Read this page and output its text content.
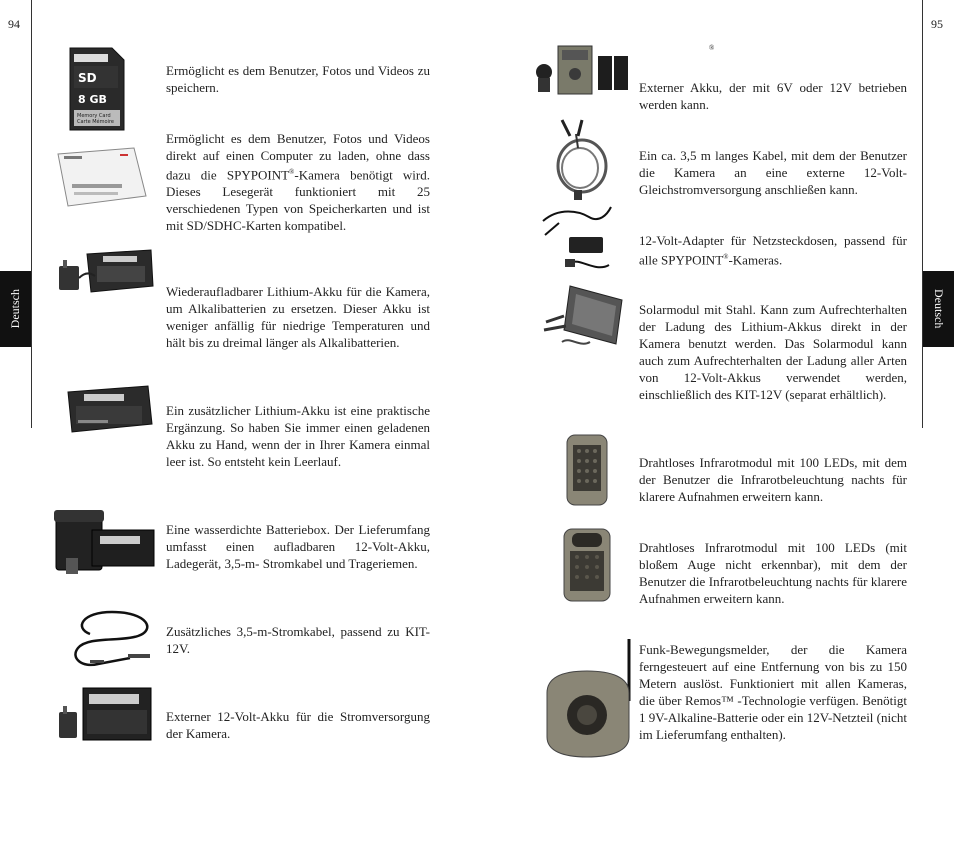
94	95
Deutsch	Deutsch
®
SD
8 GB
Memory Card
Carte Mémoire
Ermöglicht es dem Benutzer, Fotos und Videos zu speichern.
Ermöglicht es dem Benutzer, Fotos und Videos direkt auf einen Computer zu laden, ohne dass dazu die SPYPOINT®-Kamera benötigt wird. Dieses Lesegerät funktioniert mit 25 verschiedenen Typen von Speicherkarten und ist mit SD/SDHC-Karten kompatibel.
Wiederaufladbarer Lithium-Akku für die Kamera, um Alkalibatterien zu ersetzen. Dieser Akku ist weniger anfällig für niedrige Temperaturen und hält bis zu dreimal länger als Alkalibatterien.
Ein zusätzlicher Lithium-Akku ist eine praktische Ergänzung. So haben Sie immer einen geladenen Akku zu Hand, wenn der in Ihrer Kamera einmal leer ist. So entsteht kein Leerlauf.
Eine wasserdichte Batteriebox. Der Lieferumfang umfasst einen aufladbaren 12-Volt-Akku, Ladegerät, 3,5-m- Stromkabel und Trageriemen.
Zusätzliches 3,5-m-Stromkabel, passend zu KIT-12V.
Externer 12-Volt-Akku für die Stromversorgung der Kamera.
Externer Akku, der mit 6V oder 12V betrieben werden kann.
Ein ca. 3,5 m langes Kabel, mit dem der Benutzer die Kamera an eine externe 12-Volt-Gleichstromversorgung anschließen kann.
12-Volt-Adapter für Netzsteckdosen, passend für alle SPYPOINT®-Kameras.
Solarmodul mit Stahl. Kann zum Aufrechterhalten der Ladung des Lithium-Akkus direkt in der Kamera benutzt werden. Das Solarmodul kann auch zum Aufrechterhalten der Ladung aller Arten von 12-Volt-Akkus verwendet werden, einschließlich des KIT-12V (separat erhältlich).
Drahtloses Infrarotmodul mit 100 LEDs, mit dem der Benutzer die Infrarotbeleuchtung nachts für klarere Aufnahmen erweitern kann.
Drahtloses Infrarotmodul mit 100 LEDs (mit bloßem Auge nicht erkennbar), mit dem der Benutzer die Infrarotbeleuchtung nachts für klarere Aufnahmen erweitern kann.
Funk-Bewegungsmelder, der die Kamera ferngesteuert auf eine Entfernung von bis zu 150 Metern auslöst. Funktioniert mit allen Kameras, die über Remos™ -Technologie verfügen. Benötigt 1 9V-Alkaline-Batterie oder ein 12V-Netzteil (nicht im Lieferumfang enthalten).
